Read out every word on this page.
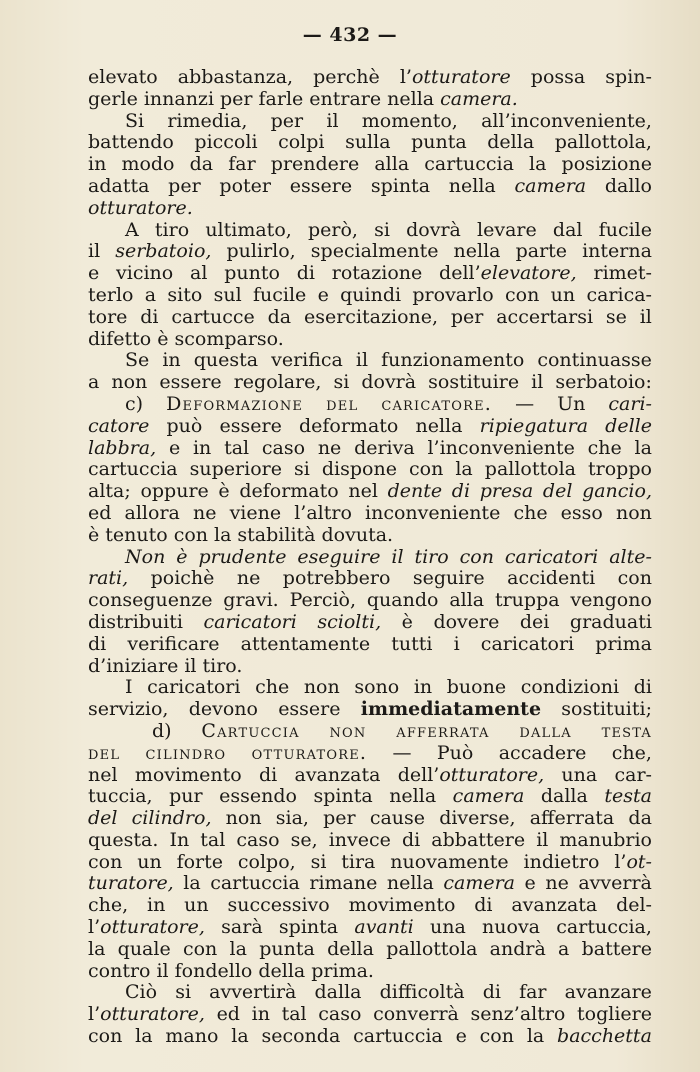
— 432 —
elevato abbastanza, perchè l’otturatore possa spin-
gerle innanzi per farle entrare nella camera.
Si rimedia, per il momento, all’inconveniente,
battendo piccoli colpi sulla punta della pallottola,
in modo da far prendere alla cartuccia la posizione
adatta per poter essere spinta nella camera dallo
otturatore.
A tiro ultimato, però, si dovrà levare dal fucile
il serbatoio, pulirlo, specialmente nella parte interna
e vicino al punto di rotazione dell’elevatore, rimet-
terlo a sito sul fucile e quindi provarlo con un carica-
tore di cartucce da esercitazione, per accertarsi se il
difetto è scomparso.
Se in questa verifica il funzionamento continuasse
a non essere regolare, si dovrà sostituire il serbatoio:
c) Deformazione del caricatore. — Un cari-
catore può essere deformato nella ripiegatura delle
labbra, e in tal caso ne deriva l’inconveniente che la
cartuccia superiore si dispone con la pallottola troppo
alta; oppure è deformato nel dente di presa del gancio,
ed allora ne viene l’altro inconveniente che esso non
è tenuto con la stabilità dovuta.
Non è prudente eseguire il tiro con caricatori alte-
rati, poichè ne potrebbero seguire accidenti con
conseguenze gravi. Perciò, quando alla truppa vengono
distribuiti caricatori sciolti, è dovere dei graduati
di verificare attentamente tutti i caricatori prima
d’iniziare il tiro.
I caricatori che non sono in buone condizioni di
servizio, devono essere immediatamente sostituiti;
d) Cartuccia non afferrata dalla testa
del cilindro otturatore. — Può accadere che,
nel movimento di avanzata dell’otturatore, una car-
tuccia, pur essendo spinta nella camera dalla testa
del cilindro, non sia, per cause diverse, afferrata da
questa. In tal caso se, invece di abbattere il manubrio
con un forte colpo, si tira nuovamente indietro l’ot-
turatore, la cartuccia rimane nella camera e ne avverrà
che, in un successivo movimento di avanzata del-
l’otturatore, sarà spinta avanti una nuova cartuccia,
la quale con la punta della pallottola andrà a battere
contro il fondello della prima.
Ciò si avvertirà dalla difficoltà di far avanzare
l’otturatore, ed in tal caso converrà senz’altro togliere
con la mano la seconda cartuccia e con la bacchetta
